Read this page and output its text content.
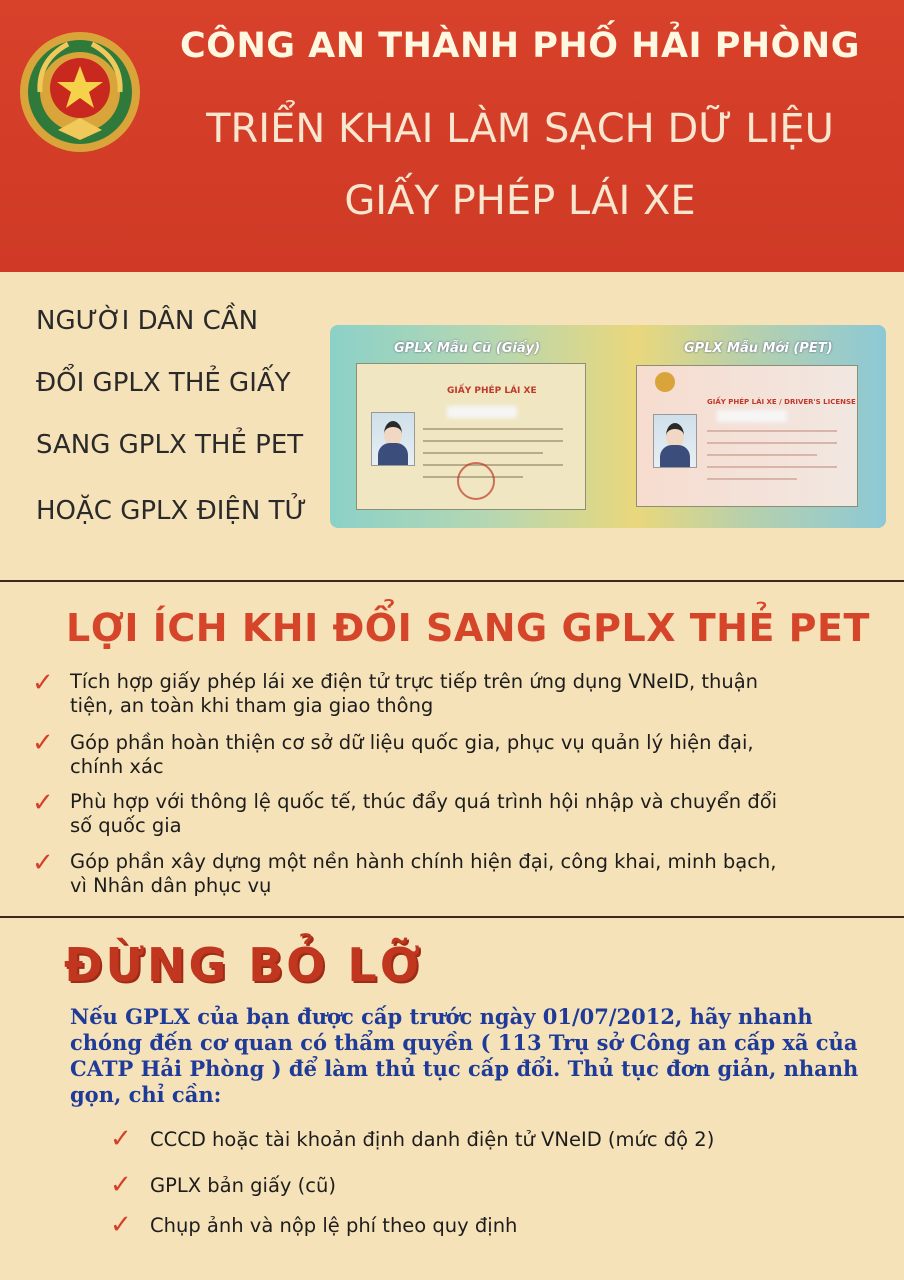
CÔNG AN THÀNH PHỐ HẢI PHÒNG
TRIỂN KHAI LÀM SẠCH DỮ LIỆU
GIẤY PHÉP LÁI XE
NGƯỜI DÂN CẦN
ĐỔI GPLX THẺ GIẤY
SANG GPLX THẺ PET
HOẶC GPLX ĐIỆN TỬ
GPLX Mẫu Cũ (Giấy)	GPLX Mẫu Mới (PET)
GIẤY PHÉP LÁI XE
GIẤY PHÉP LÁI XE / DRIVER'S LICENSE
LỢI ÍCH KHI ĐỔI SANG GPLX THẺ PET
✓ Tích hợp giấy phép lái xe điện tử trực tiếp trên ứng dụng VNeID, thuận
tiện, an toàn khi tham gia giao thông
✓ Góp phần hoàn thiện cơ sở dữ liệu quốc gia, phục vụ quản lý hiện đại,
chính xác
✓ Phù hợp với thông lệ quốc tế, thúc đẩy quá trình hội nhập và chuyển đổi
số quốc gia
✓ Góp phần xây dựng một nền hành chính hiện đại, công khai, minh bạch,
vì Nhân dân phục vụ
ĐỪNG BỎ LỠ
Nếu GPLX của bạn được cấp trước ngày 01/07/2012, hãy nhanh
chóng đến cơ quan có thẩm quyền ( 113 Trụ sở Công an cấp xã của
CATP Hải Phòng ) để làm thủ tục cấp đổi. Thủ tục đơn giản, nhanh
gọn, chỉ cần:
✓ CCCD hoặc tài khoản định danh điện tử VNeID (mức độ 2)
✓ GPLX bản giấy (cũ)
✓ Chụp ảnh và nộp lệ phí theo quy định
